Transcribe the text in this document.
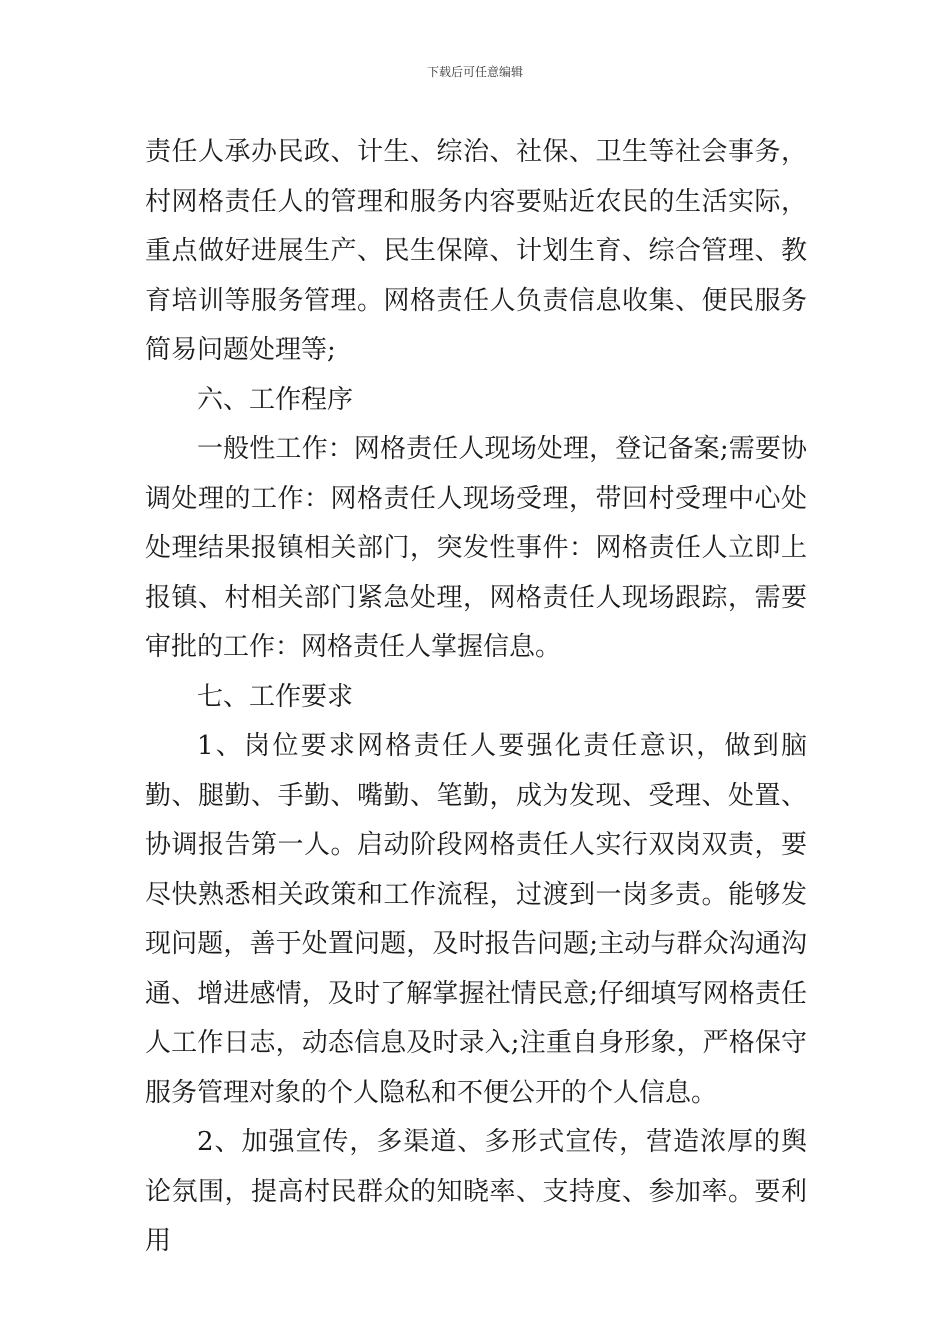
下载后可任意编辑

责任人承办民政、计生、综治、社保、卫生等社会事务，村网格责任人的管理和服务内容要贴近农民的生活实际，重点做好进展生产、民生保障、计划生育、综合管理、教育培训等服务管理。网格责任人负责信息收集、便民服务简易问题处理等;

六、工作程序

一般性工作：网格责任人现场处理，登记备案;需要协调处理的工作：网格责任人现场受理，带回村受理中心处处理结果报镇相关部门，突发性事件：网格责任人立即上报镇、村相关部门紧急处理，网格责任人现场跟踪，需要审批的工作：网格责任人掌握信息。

七、工作要求

1、岗位要求网格责任人要强化责任意识，做到脑勤、腿勤、手勤、嘴勤、笔勤，成为发现、受理、处置、协调报告第一人。启动阶段网格责任人实行双岗双责，要尽快熟悉相关政策和工作流程，过渡到一岗多责。能够发现问题，善于处置问题，及时报告问题;主动与群众沟通沟通、增进感情，及时了解掌握社情民意;仔细填写网格责任人工作日志，动态信息及时录入;注重自身形象，严格保守服务管理对象的个人隐私和不便公开的个人信息。

2、加强宣传，多渠道、多形式宣传，营造浓厚的舆论氛围，提高村民群众的知晓率、支持度、参加率。要利用
